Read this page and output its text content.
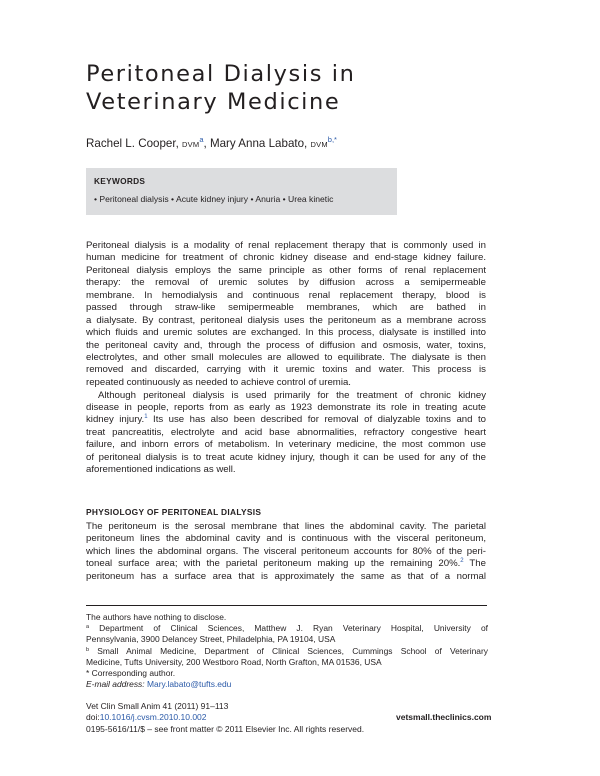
Peritoneal Dialysis in
Veterinary Medicine
Rachel L. Cooper, DVM$^a$, Mary Anna Labato, $DVM^{b,*}$
KEYWORDS
• Peritoneal dialysis • Acute kidney injury • Anuria • Urea kinetic
Peritoneal dialysis is a modality of renal replacement therapy that is commonly used in
human medicine for treatment of chronic kidney disease and end-stage kidney failure.
Peritoneal dialysis employs the same principle as other forms of renal replacement
therapy: the removal of uremic solutes by diffusion across a semipermeable
membrane. In hemodialysis and continuous renal replacement therapy, blood is
passed through straw-like semipermeable membranes, which are bathed in
a dialysate. By contrast, peritoneal dialysis uses the peritoneum as a membrane across
which fluids and uremic solutes are exchanged. In this process, dialysate is instilled into
the peritoneal cavity and, through the process of diffusion and osmosis, water, toxins,
electrolytes, and other small molecules are allowed to equilibrate. The dialysate is then
removed and discarded, carrying with it uremic toxins and water. This process is
repeated continuously as needed to achieve control of uremia.
Although peritoneal dialysis is used primarily for the treatment of chronic kidney
disease in people, reports from as early as 1923 demonstrate its role in treating acute
kidney injury.$^1$ Its use has also been described for removal of dialyzable toxins and to
treat pancreatitis, electrolyte and acid base abnormalities, refractory congestive heart
failure, and inborn errors of metabolism. In veterinary medicine, the most common use
of peritoneal dialysis is to treat acute kidney injury, though it can be used for any of the
aforementioned indications as well.
PHYSIOLOGY OF PERITONEAL DIALYSIS
The peritoneum is the serosal membrane that lines the abdominal cavity. The parietal
peritoneum lines the abdominal cavity and is continuous with the visceral peritoneum,
which lines the abdominal organs. The visceral peritoneum accounts for 80% of the peri-
toneal surface area; with the parietal peritoneum making up the remaining 20%.$^2$ The
peritoneum has a surface area that is approximately the same as that of a normal
The authors have nothing to disclose.
$^a$ Department of Clinical Sciences, Matthew J. Ryan Veterinary Hospital, University of
Pennsylvania, 3900 Delancey Street, Philadelphia, PA 19104, USA
$^b$ Small Animal Medicine, Department of Clinical Sciences, Cummings School of Veterinary
Medicine, Tufts University, 200 Westboro Road, North Grafton, MA 01536, USA
* Corresponding author.
E-mail address: Mary.labato@tufts.edu
Vet Clin Small Anim 41 (2011) 91–113
doi:10.1016/j.cvsm.2010.10.002
0195-5616/11/$ – see front matter © 2011 Elsevier Inc. All rights reserved.
vetsmall.theclinics.com
